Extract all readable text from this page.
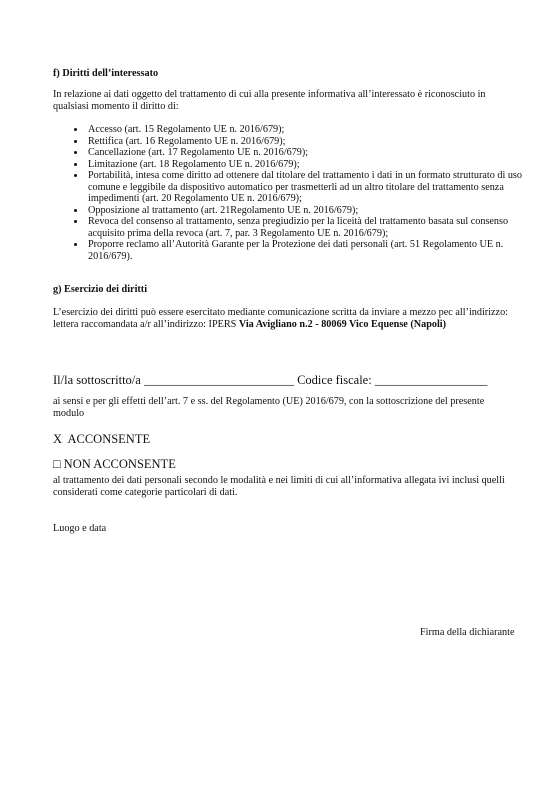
f) Diritti dell’interessato
In relazione ai dati oggetto del trattamento di cui alla presente informativa all’interessato è riconosciuto in qualsiasi momento il diritto di:
• Accesso (art. 15 Regolamento UE n. 2016/679);
• Rettifica (art. 16 Regolamento UE n. 2016/679);
• Cancellazione (art. 17 Regolamento UE n. 2016/679);
• Limitazione (art. 18 Regolamento UE n. 2016/679);
• Portabilità, intesa come diritto ad ottenere dal titolare del trattamento i dati in un formato strutturato di uso comune e leggibile da dispositivo automatico per trasmetterli ad un altro titolare del trattamento senza impedimenti (art. 20 Regolamento UE n. 2016/679);
• Opposizione al trattamento (art. 21Regolamento UE n. 2016/679);
• Revoca del consenso al trattamento, senza pregiudizio per la liceità del trattamento basata sul consenso acquisito prima della revoca (art. 7, par. 3 Regolamento UE n. 2016/679);
• Proporre reclamo all’Autorità Garante per la Protezione dei dati personali (art. 51 Regolamento UE n. 2016/679).
g) Esercizio dei diritti
L’esercizio dei diritti può essere esercitato mediante comunicazione scritta da inviare a mezzo pec all’indirizzo: lettera raccomandata a/r all’indirizzo: IPERS Via Avigliano n.2 - 80069 Vico Equense (Napoli)
Il/la sottoscritto/a ________________________ Codice fiscale: __________________
ai sensi e per gli effetti dell’art. 7 e ss. del Regolamento (UE) 2016/679, con la sottoscrizione del presente modulo
X ACCONSENTE
□ NON ACCONSENTE
al trattamento dei dati personali secondo le modalità e nei limiti di cui all’informativa allegata ivi inclusi quelli considerati come categorie particolari di dati.
Luogo e data
Firma della dichiarante
